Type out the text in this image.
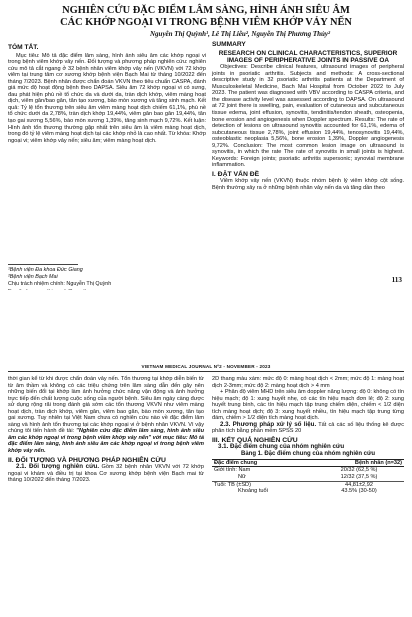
NGHIÊN CỨU ĐẶC ĐIỂM LÂM SÀNG, HÌNH ẢNH SIÊU ÂM
CÁC KHỚP NGOẠI VI TRONG BỆNH VIÊM KHỚP VẢY NẾN
Nguyễn Thị Quỳnh¹, Lê Thị Liễu², Nguyễn Thị Phương Thủy²
TÓM TẮT.
Mục tiêu: Mô tả đặc điểm lâm sàng, hình ảnh siêu âm các khớp ngoại vi trong bệnh viêm khớp vảy nến. Đối tượng và phương pháp nghiên cứu: nghiên cứu mô tả cắt ngang ở 32 bệnh nhân viêm khớp vảy nến (VKVN) với 72 khớp viêm tại trung tâm cơ xương khớp bệnh viện Bạch Mai từ tháng 10/2022 đến tháng 7/2023. Bệnh nhân được chẩn đoán VKVN theo tiêu chuẩn CASPA, đánh giá mức độ hoạt động bệnh theo DAPSA. Siêu âm 72 khớp ngoại vi có sưng, đau phát hiện phù nề tổ chức da và dưới da, tràn dịch khớp, viêm màng hoạt dịch, viêm gân/bao gân, tăn tạo xương, bào mòn xương và tăng sinh mạch. Kết quả: Tỷ lệ tổn thương trên siêu âm viêm màng hoạt dịch chiếm 61,1%, phù nề tổ chức dưới da 2,78%, tràn dịch khớp 19,44%, viêm gân bao gân 19,44%, tăn tạo gai xương 5,56%, bào mòn xương 1,39%, tăng sinh mạch 9,72%. Kết luận: Hình ảnh tổn thương thường gặp nhất trên siêu âm là viêm màng hoạt dịch, trong đó tỷ lệ viêm màng hoạt dịch tại các khớp nhỏ là cao nhất. Từ khóa: Khớp ngoại vi; viêm khớp vảy nến; siêu âm; viêm màng hoạt dịch.
¹Bệnh viện Đa khoa Đức Giang
²Bệnh viện Bạch Mai
Chịu trách nhiệm chính: Nguyễn Thị Quỳnh
SUMMARY
RESEARCH ON CLINICAL CHARACTERISTICS, SUPERIOR IMAGES OF PERIPHERATIVE JOINTS IN PASSIVE OA
Objectives: Describe clinical features, ultrasound images of peripheral joints in psoriatic arthritis. Subjects and methods: A cross-sectional descriptive study in 32 psoriatic arthritis patients at the Department of Musculoskeletal Medicine, Bach Mai Hospital from October 2022 to July 2023. The patient was diagnosed with VBV according to CASPA criteria, and the disease activity level was assessed according to DAPSA. On ultrasound at 72 joint there is swelling, pain, evaluation of cutaneous and subcutaneous tissue edema, joint effusion, synovitis, tendinitis/tendon sheath, osteopenia, bone erosion and angiogenesis when Doppler spectrum. Results: The rate of detection of lesions on ultrasound synovitis accounted for 61,1%, edema of subcutaneous tissue 2,78%, joint effusion 19,44%, tenosynovitis 19,44%, osteoblastic neoplasia 5,56%, bone erosion 1,39%, Doppler angiogenesis 9,72%. Conclusion: The most common lesion image on ultrasound is synovitis, in which the rate The rate of synovitis in small joints is highest. Keywords: Foreign joints; psoriatic arthritis supersonic; synovial membrane inflammation.
I. ĐẶT VẤN ĐỀ
Viêm khớp vảy nến (VKVN) thuộc nhóm bệnh lý viêm khớp cột sống. Bệnh thường xảy ra ở những bệnh nhân vảy nến da và tăng dần theo
113
VIETNAM MEDICAL JOURNAL Nº2 - NOVEMBER - 2023
thời gian kể từ khi được chẩn đoán vảy nến. Tổn thương tại khớp diễn biến từ từ âm thầm và không có các triệu chứng trên lâm sàng dẫn đến gây nên những biến đổi tại khớp làm ảnh hưởng chức năng vận động và ảnh hưởng trực tiếp đến chất lượng cuộc sống của người bệnh. Siêu âm ngày càng được sử dụng rộng rãi trong đánh giá sớm các tổn thương VKVN như viêm màng hoạt dịch, tràn dịch khớp, viêm gân, viêm bao gân, bào mòn xương, tăn tạo gai xương. Tuy nhiên tại Việt Nam chưa có nghiên cứu nào về đặc điểm lâm sàng và hình ảnh tổn thương tại các khớp ngoại vi ở bệnh nhân VKVN. Vì vậy chúng tôi tiến hành đề tài: "Nghiên cứu đặc điểm lâm sàng, hình ảnh siêu âm các khớp ngoại vi trong bệnh viêm khớp vảy nến" với mục tiêu: Mô tả đặc điểm lâm sàng, hình ảnh siêu âm các khớp ngoại vi trong bệnh viêm khớp vảy nến.
II. ĐỐI TƯỢNG VÀ PHƯƠNG PHÁP NGHIÊN CỨU
2.1. Đối tượng nghiên cứu. Gồm 32 bệnh nhân VKVN với 72 khớp ngoại vi khám và điều trị tại khoa Cơ xương khớp bệnh viện Bạch mai từ tháng 10/2022 đến tháng 7/2023.
2D thang màu xám: mức độ 0: màng hoạt dịch < 2mm; mức độ 1: màng hoạt dịch 2-3mm; mức độ 2: màng hoạt dịch > 4 mm
+ Phân độ viêm MHD trên siêu âm doppler năng lượng: độ 0: không có tín hiệu mạch; độ 1: xung huyết nhẹ, có các tín hiệu mạch đơn lẻ; độ 2: xung huyết trung bình, các tín hiệu mạch tập trung chiếm diện, chiếm < 1/2 diện tích màng hoạt dịch; độ 3: xung huyết nhiều, tín hiệu mạch tập trung từng đám, chiếm > 1/2 diện tích màng hoạt dịch.
2.3. Phương pháp xử lý số liệu. Tất cả các số liệu thống kê được phân tích bằng phần mềm SPSS 20
III. KẾT QUẢ NGHIÊN CỨU
3.1. Đặc điểm chung của nhóm nghiên cứu
Bảng 1. Đặc điểm chung của nhóm nghiên cứu
Đặc điểm chung	Bệnh nhân (n=32)
Giới tính: Nam	20/32 (62,5 %)
Nữ	12/32 (37,5 %)
Tuổi: TB (±SD)	44,81±2,92
Khoảng tuổi	43.5% (30-50)
